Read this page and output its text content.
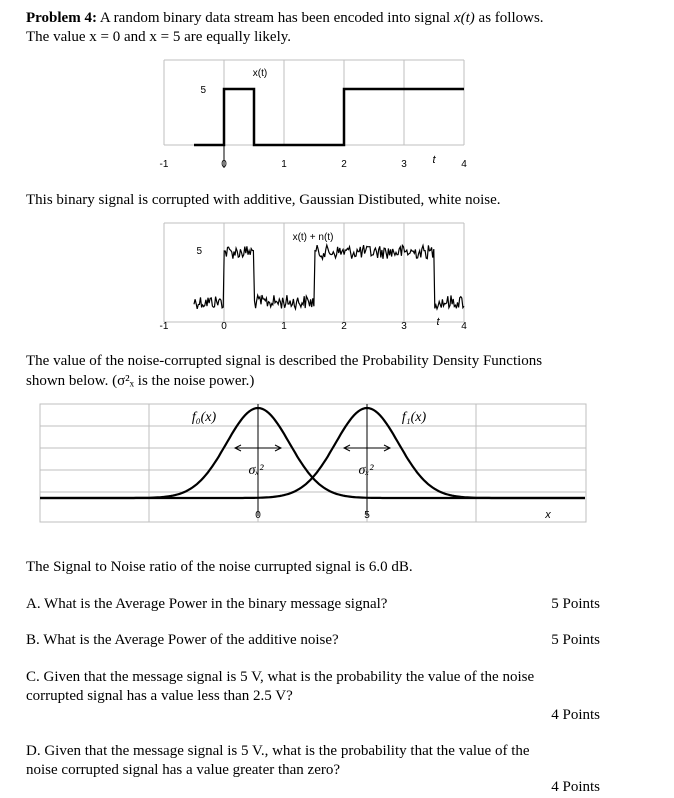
Problem 4: A random binary data stream has been encoded into signal x(t) as follows.

The value x = 0 and x = 5 are equally likely.

x(t)
5
-1	0	1	2	3	4
t

This binary signal is corrupted with additive, Gaussian Distibuted, white noise.

x(t) + n(t)
5
-1	0	1	2	3	4
t

The value of the noise-corrupted signal is described the Probability Density Functions

shown below. (σ²ₓ is the noise power.)

σₓ²	σₓ²
f₀(x)	f₁(x)
0	5	x

The Signal to Noise ratio of the noise currupted signal is 6.0 dB.

A. What is the Average Power in the binary message signal?	5 Points

B. What is the Average Power of the additive noise?	5 Points

C. Given that the message signal is 5 V, what is the probability the value of the noise

corrupted signal has a value less than 2.5 V?

4 Points

D. Given that the message signal is 5 V., what is the probability that the value of the

noise corrupted signal has a value greater than zero?

4 Points
